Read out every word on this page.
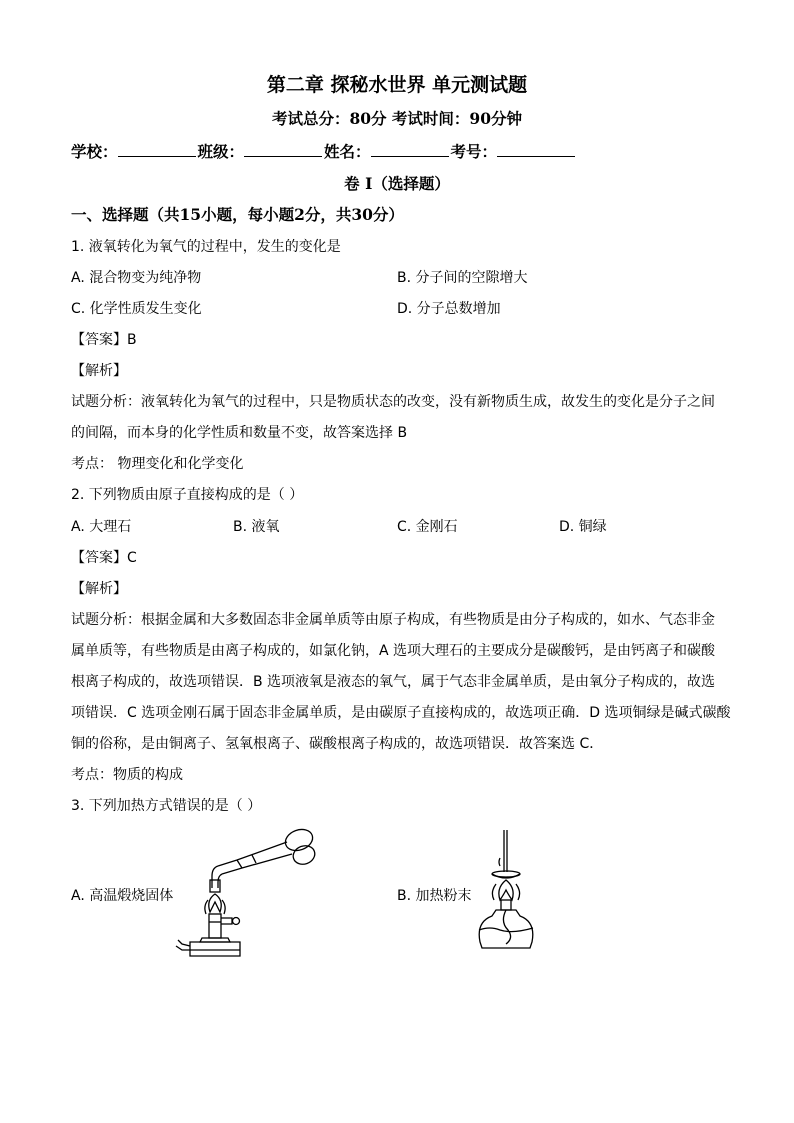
第二章 探秘水世界 单元测试题
考试总分：80分 考试时间：90分钟
学校：	班级：	姓名：	考号：
卷 I（选择题）
一、选择题（共15小题，每小题2分，共30分）
1. 液氧转化为氧气的过程中，发生的变化是
A. 混合物变为纯净物	B. 分子间的空隙增大
C. 化学性质发生变化	D. 分子总数增加
【答案】B
【解析】
试题分析：液氧转化为氧气的过程中，只是物质状态的改变，没有新物质生成，故发生的变化是分子之间
的间隔，而本身的化学性质和数量不变，故答案选择 B
考点： 物理变化和化学变化
2. 下列物质由原子直接构成的是（ ）
A. 大理石	B. 液氧	C. 金刚石	D. 铜绿
【答案】C
【解析】
试题分析：根据金属和大多数固态非金属单质等由原子构成，有些物质是由分子构成的，如水、气态非金
属单质等，有些物质是由离子构成的，如氯化钠，A 选项大理石的主要成分是碳酸钙，是由钙离子和碳酸
根离子构成的，故选项错误．B 选项液氧是液态的氧气，属于气态非金属单质，是由氧分子构成的，故选
项错误．C 选项金刚石属于固态非金属单质，是由碳原子直接构成的，故选项正确．D 选项铜绿是碱式碳酸
铜的俗称，是由铜离子、氢氧根离子、碳酸根离子构成的，故选项错误．故答案选 C．
考点：物质的构成
3. 下列加热方式错误的是（ ）
A. 高温煅烧固体	B. 加热粉末
